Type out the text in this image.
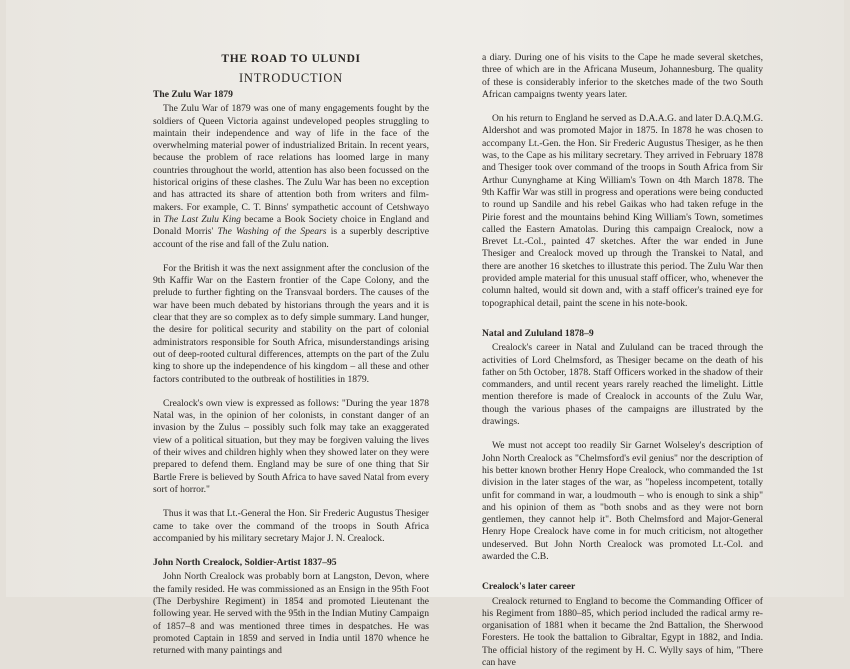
THE ROAD TO ULUNDI
INTRODUCTION
The Zulu War 1879

The Zulu War of 1879 was one of many engagements fought by the soldiers of Queen Victoria against undeveloped peoples struggling to maintain their independence and way of life in the face of the overwhelming material power of industrialized Britain. In recent years, because the problem of race relations has loomed large in many countries throughout the world, attention has also been focussed on the historical origins of these clashes. The Zulu War has been no exception and has attracted its share of attention both from writers and film-makers. For example, C. T. Binns' sympathetic account of Cetshwayo in The Last Zulu King became a Book Society choice in England and Donald Morris' The Washing of the Spears is a superbly descriptive account of the rise and fall of the Zulu nation.

For the British it was the next assignment after the conclusion of the 9th Kaffir War on the Eastern frontier of the Cape Colony, and the prelude to further fighting on the Transvaal borders. The causes of the war have been much debated by historians through the years and it is clear that they are so complex as to defy simple summary. Land hunger, the desire for political security and stability on the part of colonial administrators responsible for South Africa, misunderstandings arising out of deep-rooted cultural differences, attempts on the part of the Zulu king to shore up the independence of his kingdom – all these and other factors contributed to the outbreak of hostilities in 1879.

Crealock's own view is expressed as follows: "During the year 1878 Natal was, in the opinion of her colonists, in constant danger of an invasion by the Zulus – possibly such folk may take an exaggerated view of a political situation, but they may be forgiven valuing the lives of their wives and children highly when they showed later on they were prepared to defend them. England may be sure of one thing that Sir Bartle Frere is believed by South Africa to have saved Natal from every sort of horror."

Thus it was that Lt.-General the Hon. Sir Frederic Augustus Thesiger came to take over the command of the troops in South Africa accompanied by his military secretary Major J. N. Crealock.

John North Crealock, Soldier-Artist 1837–95

John North Crealock was probably born at Langston, Devon, where the family resided. He was commissioned as an Ensign in the 95th Foot (The Derbyshire Regiment) in 1854 and promoted Lieutenant the following year. He served with the 95th in the Indian Mutiny Campaign of 1857–8 and was mentioned three times in despatches. He was promoted Captain in 1859 and served in India until 1870 whence he returned with many paintings and

a diary. During one of his visits to the Cape he made several sketches, three of which are in the Africana Museum, Johannesburg. The quality of these is considerably inferior to the sketches made of the two South African campaigns twenty years later.

On his return to England he served as D.A.A.G. and later D.A.Q.M.G. Aldershot and was promoted Major in 1875. In 1878 he was chosen to accompany Lt.-Gen. the Hon. Sir Frederic Augustus Thesiger, as he then was, to the Cape as his military secretary. They arrived in February 1878 and Thesiger took over command of the troops in South Africa from Sir Arthur Cunynghame at King William's Town on 4th March 1878. The 9th Kaffir War was still in progress and operations were being conducted to round up Sandile and his rebel Gaikas who had taken refuge in the Pirie forest and the mountains behind King William's Town, sometimes called the Eastern Amatolas. During this campaign Crealock, now a Brevet Lt.-Col., painted 47 sketches. After the war ended in June Thesiger and Crealock moved up through the Transkei to Natal, and there are another 16 sketches to illustrate this period. The Zulu War then provided ample material for this unusual staff officer, who, whenever the column halted, would sit down and, with a staff officer's trained eye for topographical detail, paint the scene in his note-book.

Natal and Zululand 1878–9

Crealock's career in Natal and Zululand can be traced through the activities of Lord Chelmsford, as Thesiger became on the death of his father on 5th October, 1878. Staff Officers worked in the shadow of their commanders, and until recent years rarely reached the limelight. Little mention therefore is made of Crealock in accounts of the Zulu War, though the various phases of the campaigns are illustrated by the drawings.

We must not accept too readily Sir Garnet Wolseley's description of John North Crealock as "Chelmsford's evil genius" nor the description of his better known brother Henry Hope Crealock, who commanded the 1st division in the later stages of the war, as "hopeless incompetent, totally unfit for command in war, a loudmouth – who is enough to sink a ship" and his opinion of them as "both snobs and as they were not born gentlemen, they cannot help it". Both Chelmsford and Major-General Henry Hope Crealock have come in for much criticism, not altogether undeserved. But John North Crealock was promoted Lt.-Col. and awarded the C.B.

Crealock's later career

Crealock returned to England to become the Commanding Officer of his Regiment from 1880–85, which period included the radical army re-organisation of 1881 when it became the 2nd Battalion, the Sherwood Foresters. He took the battalion to Gibraltar, Egypt in 1882, and India. The official history of the regiment by H. C. Wylly says of him, "There can have
